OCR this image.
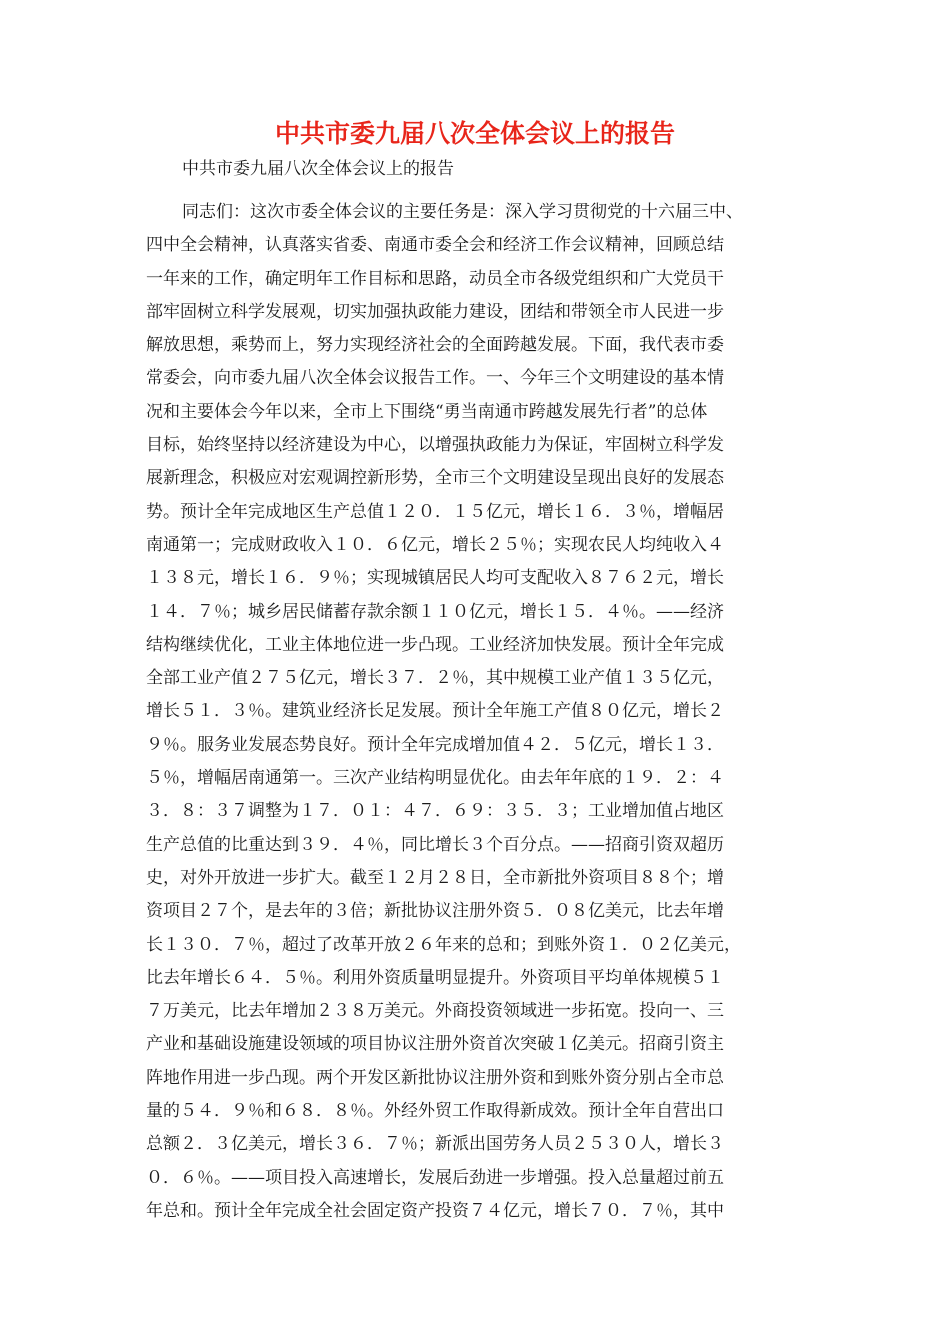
中共市委九届八次全体会议上的报告

中共市委九届八次全体会议上的报告

同志们：这次市委全体会议的主要任务是：深入学习贯彻党的十六届三中、
四中全会精神，认真落实省委、南通市委全会和经济工作会议精神，回顾总结
一年来的工作，确定明年工作目标和思路，动员全市各级党组织和广大党员干
部牢固树立科学发展观，切实加强执政能力建设，团结和带领全市人民进一步
解放思想，乘势而上，努力实现经济社会的全面跨越发展。下面，我代表市委
常委会，向市委九届八次全体会议报告工作。一、今年三个文明建设的基本情
况和主要体会今年以来，全市上下围绕“勇当南通市跨越发展先行者”的总体
目标，始终坚持以经济建设为中心，以增强执政能力为保证，牢固树立科学发
展新理念，积极应对宏观调控新形势，全市三个文明建设呈现出良好的发展态
势。预计全年完成地区生产总值１２０．１５亿元，增长１６．３％，增幅居
南通第一；完成财政收入１０．６亿元，增长２５％；实现农民人均纯收入４
１３８元，增长１６．９％；实现城镇居民人均可支配收入８７６２元，增长
１４．７％；城乡居民储蓄存款余额１１０亿元，增长１５．４％。——经济
结构继续优化，工业主体地位进一步凸现。工业经济加快发展。预计全年完成
全部工业产值２７５亿元，增长３７．２％，其中规模工业产值１３５亿元，
增长５１．３％。建筑业经济长足发展。预计全年施工产值８０亿元，增长２
９％。服务业发展态势良好。预计全年完成增加值４２．５亿元，增长１３．
５％，增幅居南通第一。三次产业结构明显优化。由去年年底的１９．２：４
３．８：３７调整为１７．０１：４７．６９：３５．３；工业增加值占地区
生产总值的比重达到３９．４％，同比增长３个百分点。——招商引资双超历
史，对外开放进一步扩大。截至１２月２８日，全市新批外资项目８８个；增
资项目２７个，是去年的３倍；新批协议注册外资５．０８亿美元，比去年增
长１３０．７％，超过了改革开放２６年来的总和；到账外资１．０２亿美元，
比去年增长６４．５％。利用外资质量明显提升。外资项目平均单体规模５１
７万美元，比去年增加２３８万美元。外商投资领域进一步拓宽。投向一、三
产业和基础设施建设领域的项目协议注册外资首次突破１亿美元。招商引资主
阵地作用进一步凸现。两个开发区新批协议注册外资和到账外资分别占全市总
量的５４．９％和６８．８％。外经外贸工作取得新成效。预计全年自营出口
总额２．３亿美元，增长３６．７％；新派出国劳务人员２５３０人，增长３
０．６％。——项目投入高速增长，发展后劲进一步增强。投入总量超过前五
年总和。预计全年完成全社会固定资产投资７４亿元，增长７０．７％，其中
